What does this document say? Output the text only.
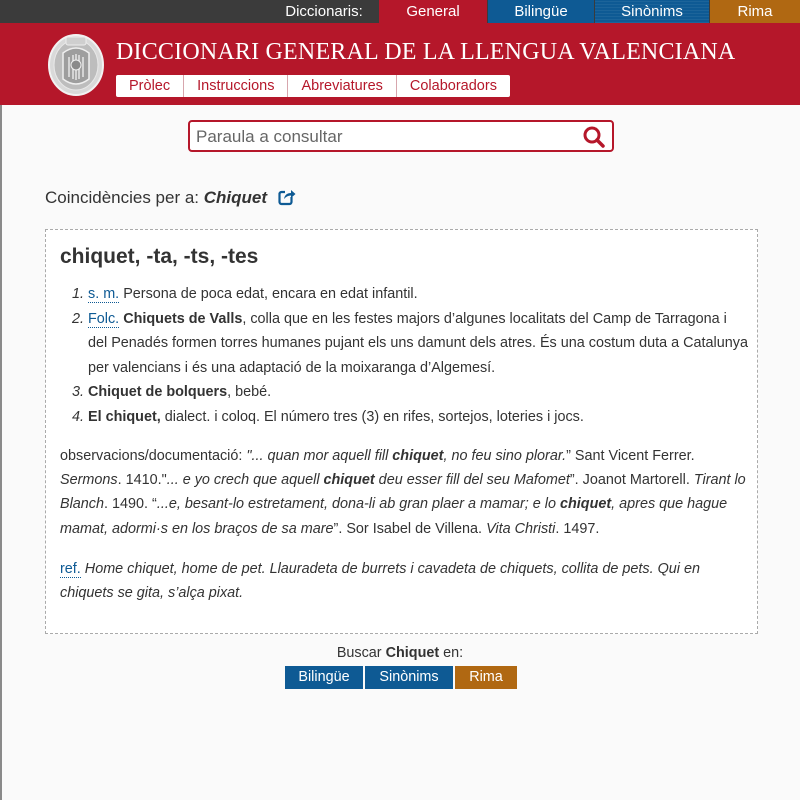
Diccionaris:	General	Bilingüe	Sinònims	Rima
DICCIONARI GENERAL DE LA LLENGUA VALENCIANA
Pròlec	Instruccions	Abreviatures	Colaboradors
Paraula a consultar
Coincidències per a: Chiquet
chiquet, -ta, -ts, -tes
1. s. m. Persona de poca edat, encara en edat infantil.
2. Folc. Chiquets de Valls, colla que en les festes majors d’algunes localitats del Camp de Tarragona i del Penadés formen torres humanes pujant els uns damunt dels atres. És una costum duta a Catalunya per valencians i és una adaptació de la moixaranga d’Algemesí.
3. Chiquet de bolquers, bebé.
4. El chiquet, dialect. i coloq. El número tres (3) en rifes, sortejos, loteries i jocs.
observacions/documentació: "... quan mor aquell fill chiquet, no feu sino plorar.” Sant Vicent Ferrer. Sermons. 1410."... e yo crech que aquell chiquet deu esser fill del seu Mafomet”. Joanot Martorell. Tirant lo Blanch. 1490. “...e, besant-lo estretament, dona-li ab gran plaer a mamar; e lo chiquet, apres que hague mamat, adormi·s en los braços de sa mare”. Sor Isabel de Villena. Vita Christi. 1497.
ref. Home chiquet, home de pet. Llauradeta de burrets i cavadeta de chiquets, collita de pets. Qui en chiquets se gita, s’alça pixat.
Buscar Chiquet en:
Bilingüe	Sinònims	Rima
